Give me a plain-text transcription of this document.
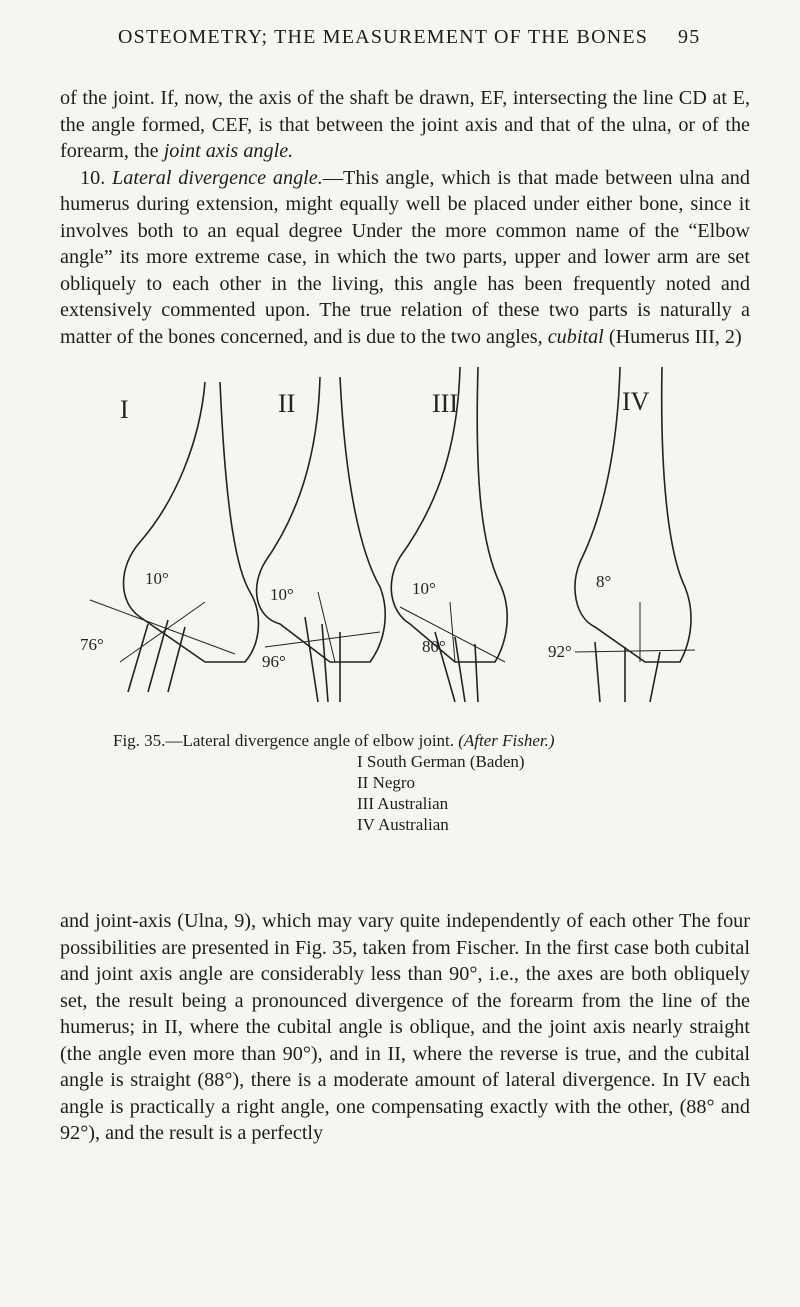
OSTEOMETRY; THE MEASUREMENT OF THE BONES 95

of the joint. If, now, the axis of the shaft be drawn, EF, intersecting the line CD at E, the angle formed, CEF, is that between the joint axis and that of the ulna, or of the forearm, the joint axis angle.

10. Lateral divergence angle.—This angle, which is that made between ulna and humerus during extension, might equally well be placed under either bone, since it involves both to an equal degree Under the more common name of the “Elbow angle” its more extreme case, in which the two parts, upper and lower arm are set obliquely to each other in the living, this angle has been frequently noted and extensively commented upon. The true relation of these two parts is naturally a matter of the bones concerned, and is due to the two angles, cubital (Humerus III, 2)

I
10°
76°
II
10°
96°
III
10°
80°
IV
8°
92°
Fig. 35.—Lateral divergence angle of elbow joint. (After Fisher.)
I South German (Baden)
II Negro
III Australian
IV Australian

and joint-axis (Ulna, 9), which may vary quite independently of each other The four possibilities are presented in Fig. 35, taken from Fischer. In the first case both cubital and joint axis angle are considerably less than 90°, i.e., the axes are both obliquely set, the result being a pronounced divergence of the forearm from the line of the humerus; in II, where the cubital angle is oblique, and the joint axis nearly straight (the angle even more than 90°), and in II, where the reverse is true, and the cubital angle is straight (88°), there is a moderate amount of lateral divergence. In IV each angle is practically a right angle, one compensating exactly with the other, (88° and 92°), and the result is a perfectly
